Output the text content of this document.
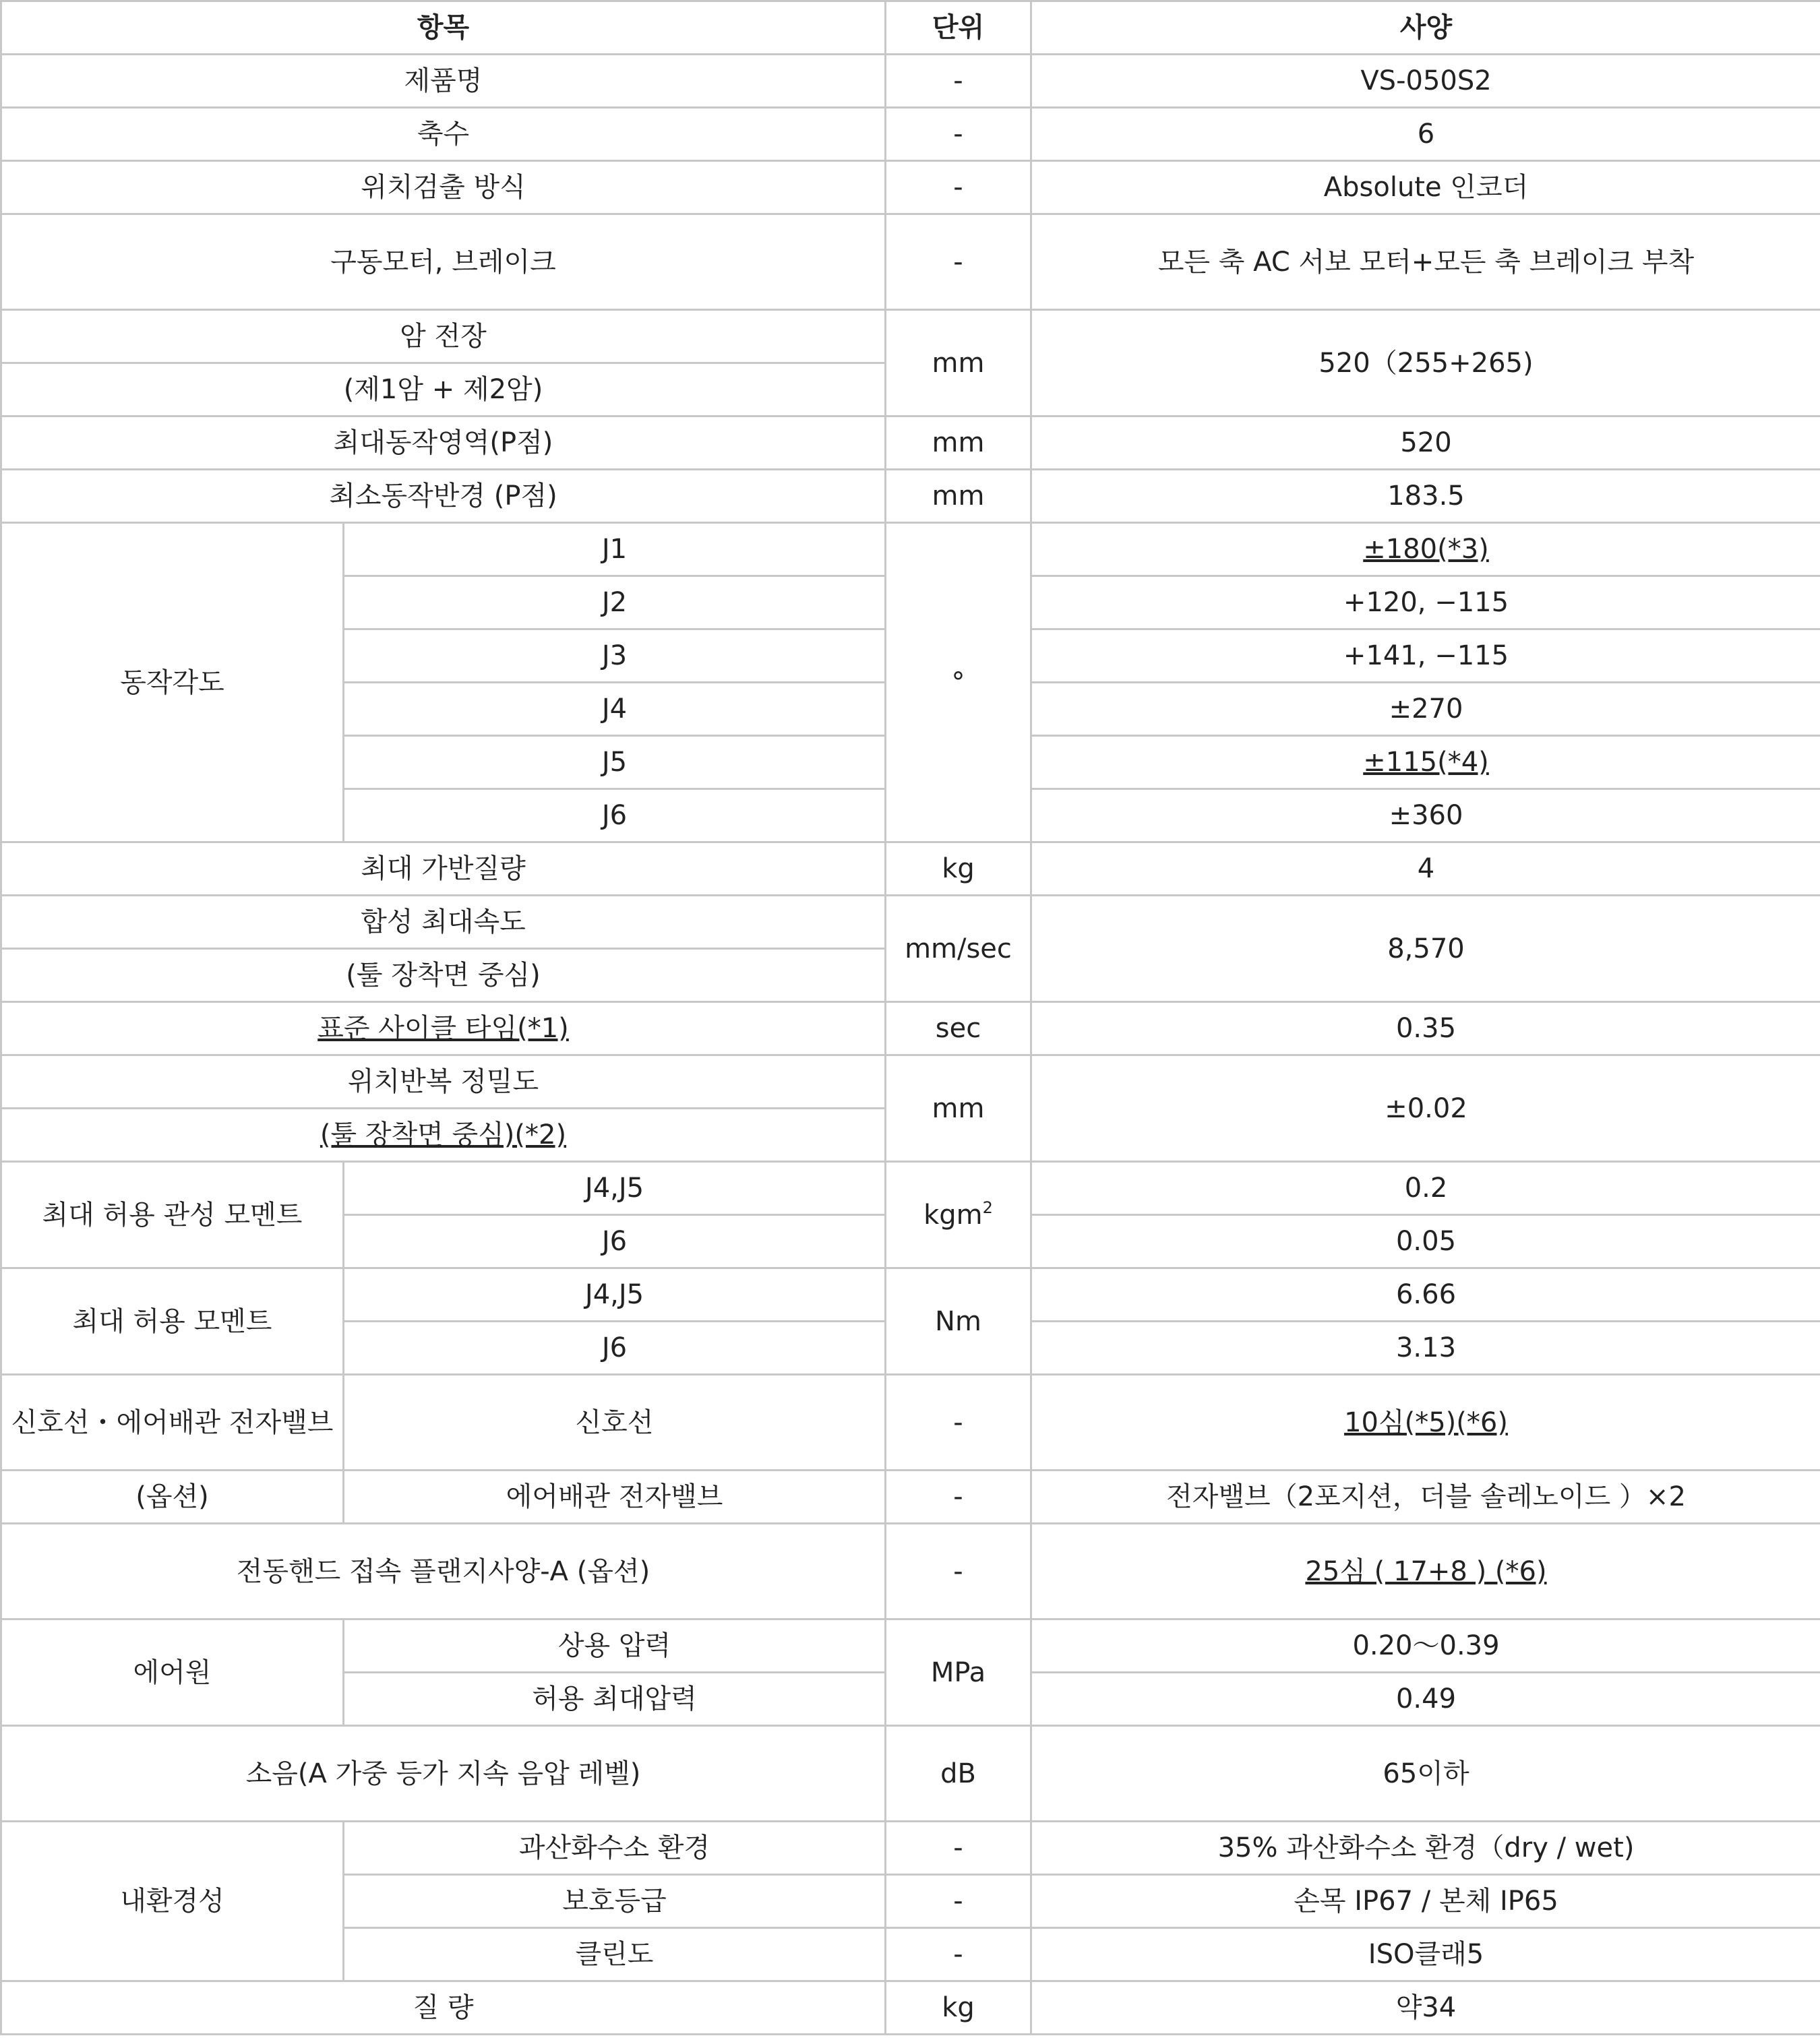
항목		단위	사양
제품명		-	VS-050S2
축수		-	6
위치검출 방식		-	Absolute 인코더
구동모터, 브레이크		-	모든 축 AC 서보 모터+모든 축 브레이크 부착
암 전장		mm	520（255+265)
(제1암 + 제2암)			
최대동작영역(P점)		mm	520
최소동작반경 (P점)		mm	183.5
동작각도	J1	°	±180(*3)
	J2		+120, −115
	J3		+141, −115
	J4		±270
	J5		±115(*4)
	J6		±360
최대 가반질량		kg	4
합성 최대속도		mm/sec	8,570
(툴 장착면 중심)			
표준 사이클 타임(*1)		sec	0.35
위치반복 정밀도		mm	±0.02
(툴 장착면 중심)(*2)			
최대 허용 관성 모멘트	J4,J5	kgm$^2$	0.2
	J6		0.05
최대 허용 모멘트	J4,J5	Nm	6.66
	J6		3.13
신호선・에어배관 전자밸브	신호선	-	10심(*5)(*6)
(옵션)	에어배관 전자밸브	-	전자밸브（2포지션，더블 솔레노이드 ）×2
전동핸드 접속 플랜지사양-A (옵션)		-	25심 ( 17+8 ) (*6)
에어원	상용 압력	MPa	0.20～0.39
	허용 최대압력		0.49
소음(A 가중 등가 지속 음압 레벨)		dB	65이하
내환경성	과산화수소 환경	-	35% 과산화수소 환경（dry / wet)
	보호등급	-	손목 IP67 / 본체 IP65
	클린도	-	ISO클래5
질 량		kg	약34
